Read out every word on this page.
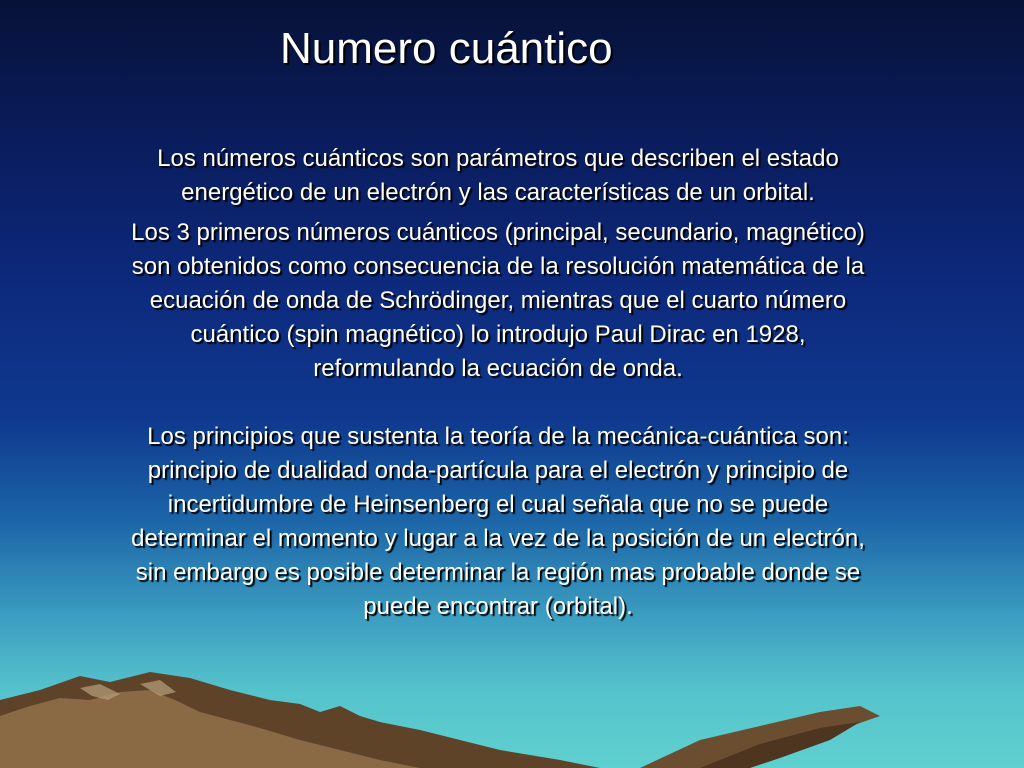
Numero cuántico

Los números cuánticos son parámetros que describen el estado energético de un electrón y las características de un orbital.

Los 3 primeros números cuánticos (principal, secundario, magnético) son obtenidos como consecuencia de la resolución matemática de la ecuación de onda de Schrödinger, mientras que el cuarto número cuántico (spin magnético) lo introdujo Paul Dirac en 1928, reformulando la ecuación de onda.

Los principios que sustenta la teoría de la mecánica-cuántica son: principio de dualidad onda-partícula para el electrón y principio de incertidumbre de Heinsenberg el cual señala que no se puede determinar el momento y lugar a la vez de la posición de un electrón, sin embargo es posible determinar la región mas probable donde se puede encontrar (orbital).
